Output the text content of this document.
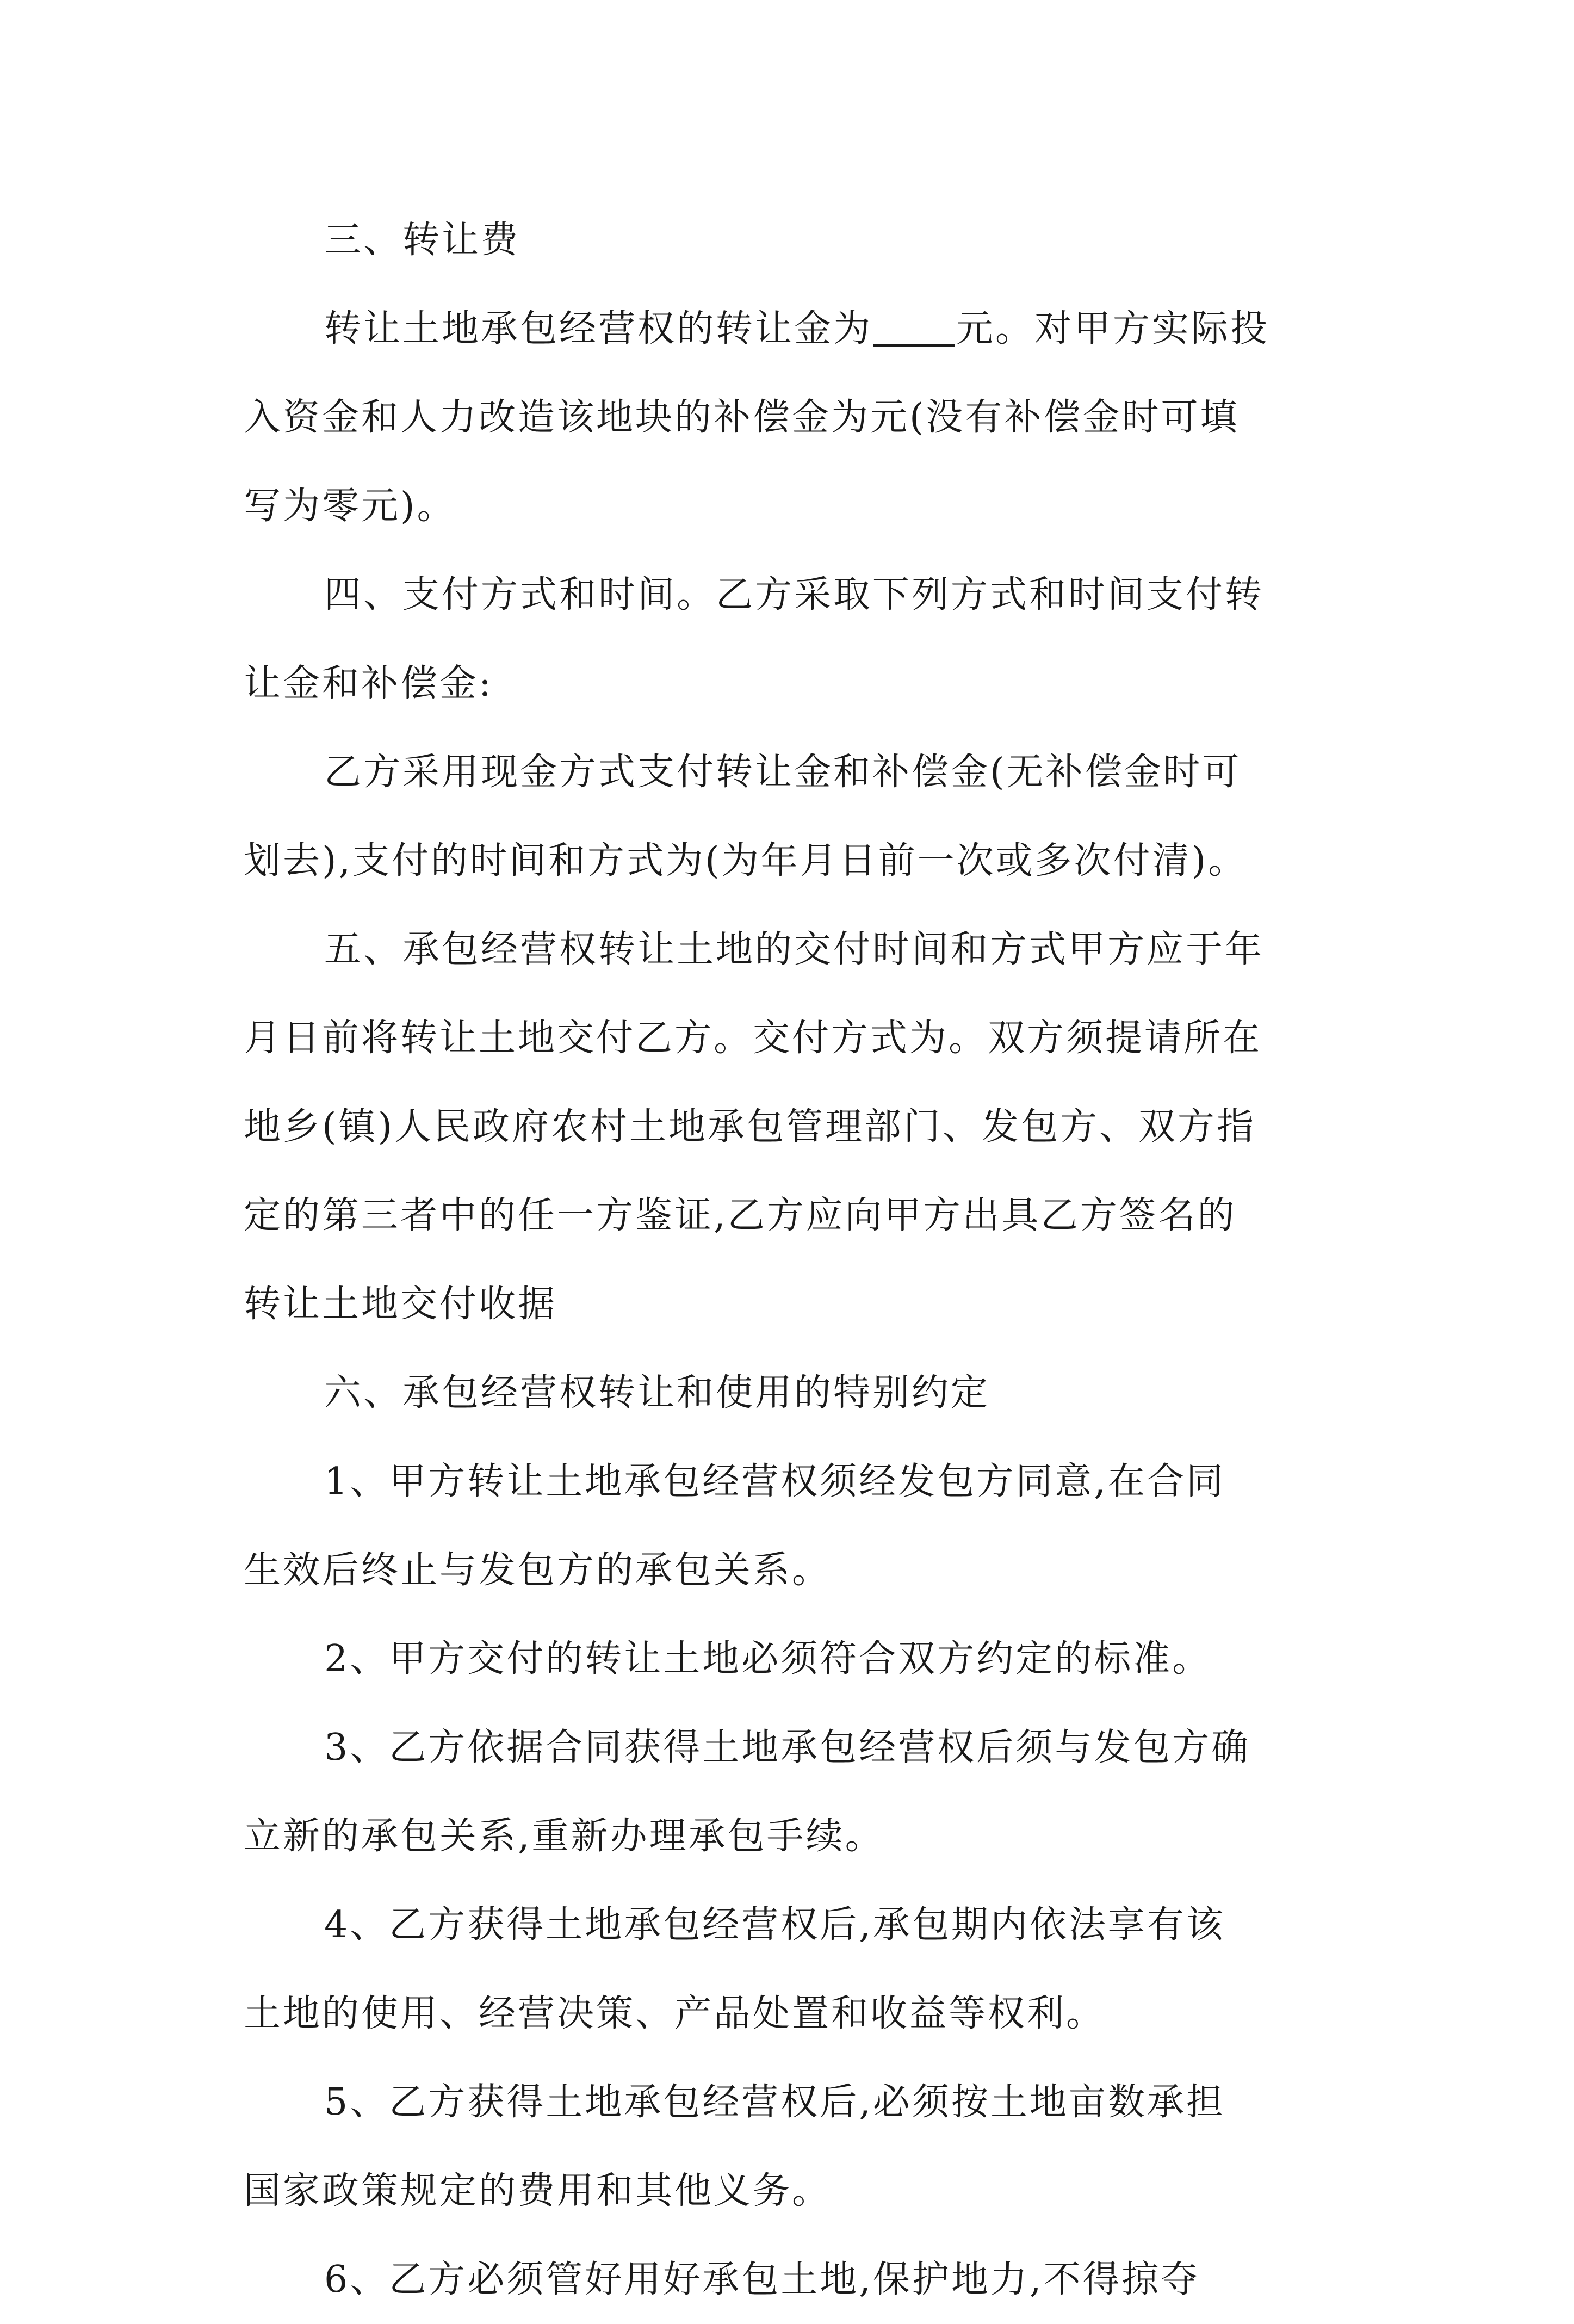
三、转让费
转让土地承包经营权的转让金为 元。对甲方实际投
入资金和人力改造该地块的补偿金为元(没有补偿金时可填
写为零元)。
四、支付方式和时间。乙方采取下列方式和时间支付转
让金和补偿金:
乙方采用现金方式支付转让金和补偿金(无补偿金时可
划去),支付的时间和方式为(为年月日前一次或多次付清)。
五、承包经营权转让土地的交付时间和方式甲方应于年
月日前将转让土地交付乙方。交付方式为。双方须提请所在
地乡(镇)人民政府农村土地承包管理部门、发包方、双方指
定的第三者中的任一方鉴证,乙方应向甲方出具乙方签名的
转让土地交付收据
六、承包经营权转让和使用的特别约定
1、甲方转让土地承包经营权须经发包方同意,在合同
生效后终止与发包方的承包关系。
2、甲方交付的转让土地必须符合双方约定的标准。
3、乙方依据合同获得土地承包经营权后须与发包方确
立新的承包关系,重新办理承包手续。
4、乙方获得土地承包经营权后,承包期内依法享有该
土地的使用、经营决策、产品处置和收益等权利。
5、乙方获得土地承包经营权后,必须按土地亩数承担
国家政策规定的费用和其他义务。
6、乙方必须管好用好承包土地,保护地力,不得掠夺
